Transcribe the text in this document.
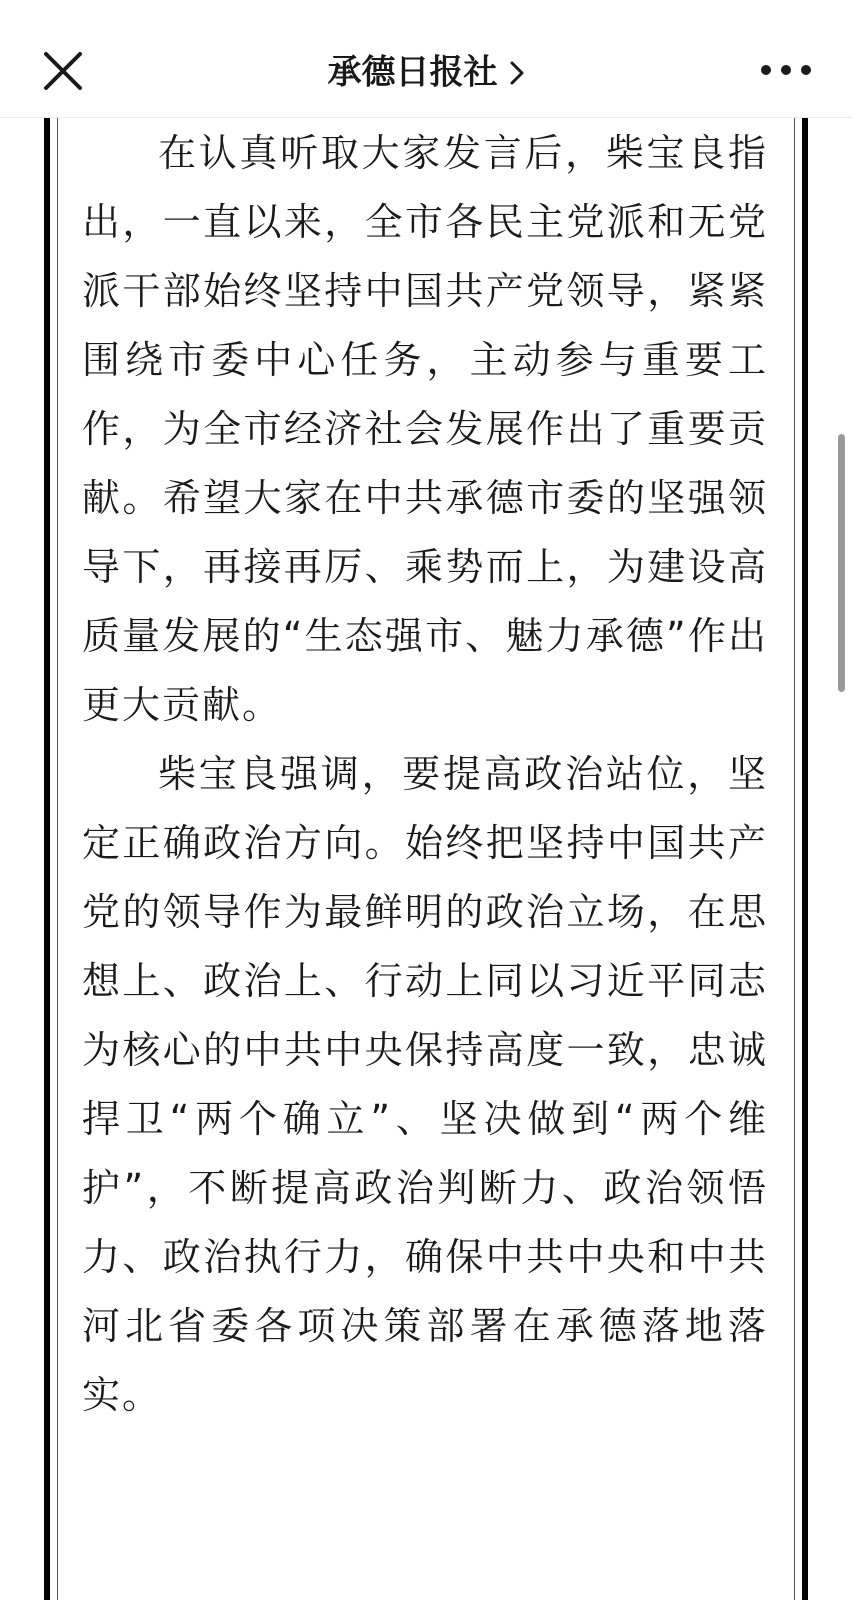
承德日报社

在认真听取大家发言后，柴宝良指出，一直以来，全市各民主党派和无党派干部始终坚持中国共产党领导，紧紧围绕市委中心任务，主动参与重要工作，为全市经济社会发展作出了重要贡献。希望大家在中共承德市委的坚强领导下，再接再厉、乘势而上，为建设高质量发展的“生态强市、魅力承德”作出更大贡献。

柴宝良强调，要提高政治站位，坚定正确政治方向。始终把坚持中国共产党的领导作为最鲜明的政治立场，在思想上、政治上、行动上同以习近平同志为核心的中共中央保持高度一致，忠诚捍卫“两个确立”、坚决做到“两个维护”，不断提高政治判断力、政治领悟力、政治执行力，确保中共中央和中共河北省委各项决策部署在承德落地落实。
